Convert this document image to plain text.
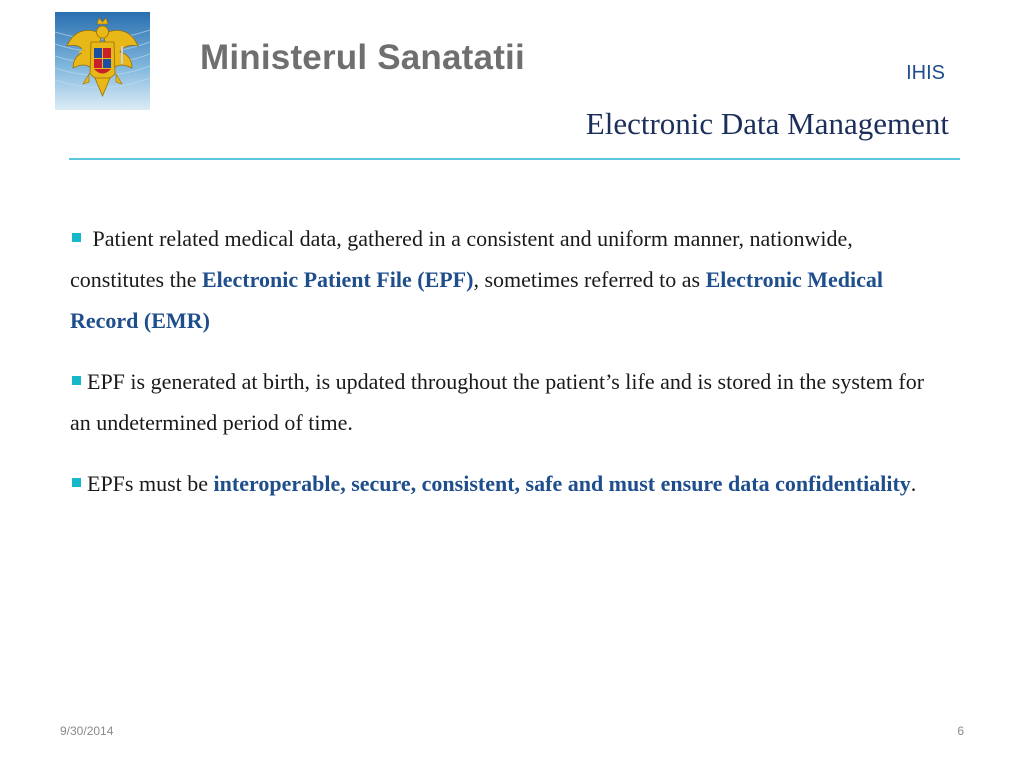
Ministerul Sanatatii	IHIS
Electronic Data Management

Patient related medical data, gathered in a consistent and uniform manner, nationwide, constitutes the Electronic Patient File (EPF), sometimes referred to as Electronic Medical Record (EMR)

EPF is generated at birth, is updated throughout the patient’s life and is stored in the system for an undetermined period of time.

EPFs must be interoperable, secure, consistent, safe and must ensure data confidentiality.

9/30/2014	6
